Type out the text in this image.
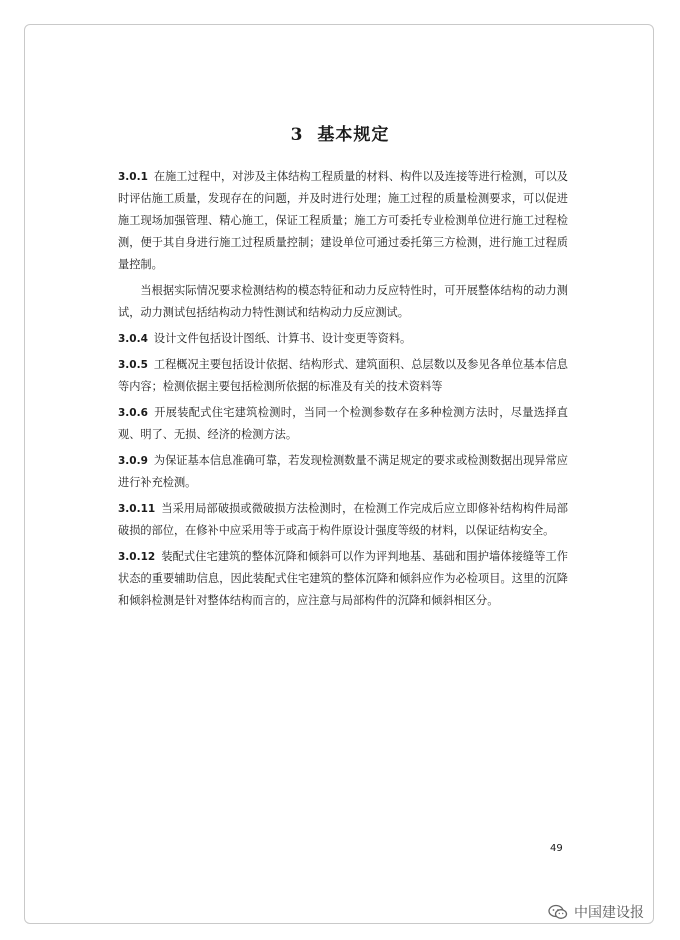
3 基本规定

3.0.1 在施工过程中，对涉及主体结构工程质量的材料、构件以及连接等进行检测，可以及时评估施工质量，发现存在的问题，并及时进行处理；施工过程的质量检测要求，可以促进施工现场加强管理、精心施工，保证工程质量；施工方可委托专业检测单位进行施工过程检测，便于其自身进行施工过程质量控制；建设单位可通过委托第三方检测，进行施工过程质量控制。

当根据实际情况要求检测结构的模态特征和动力反应特性时，可开展整体结构的动力测试，动力测试包括结构动力特性测试和结构动力反应测试。

3.0.4 设计文件包括设计图纸、计算书、设计变更等资料。

3.0.5 工程概况主要包括设计依据、结构形式、建筑面积、总层数以及参见各单位基本信息等内容；检测依据主要包括检测所依据的标准及有关的技术资料等

3.0.6 开展装配式住宅建筑检测时，当同一个检测参数存在多种检测方法时，尽量选择直观、明了、无损、经济的检测方法。

3.0.9 为保证基本信息准确可靠，若发现检测数量不满足规定的要求或检测数据出现异常应进行补充检测。

3.0.11 当采用局部破损或微破损方法检测时，在检测工作完成后应立即修补结构构件局部破损的部位，在修补中应采用等于或高于构件原设计强度等级的材料，以保证结构安全。

3.0.12 装配式住宅建筑的整体沉降和倾斜可以作为评判地基、基础和围护墙体接缝等工作状态的重要辅助信息，因此装配式住宅建筑的整体沉降和倾斜应作为必检项目。这里的沉降和倾斜检测是针对整体结构而言的，应注意与局部构件的沉降和倾斜相区分。

49
中国建设报
